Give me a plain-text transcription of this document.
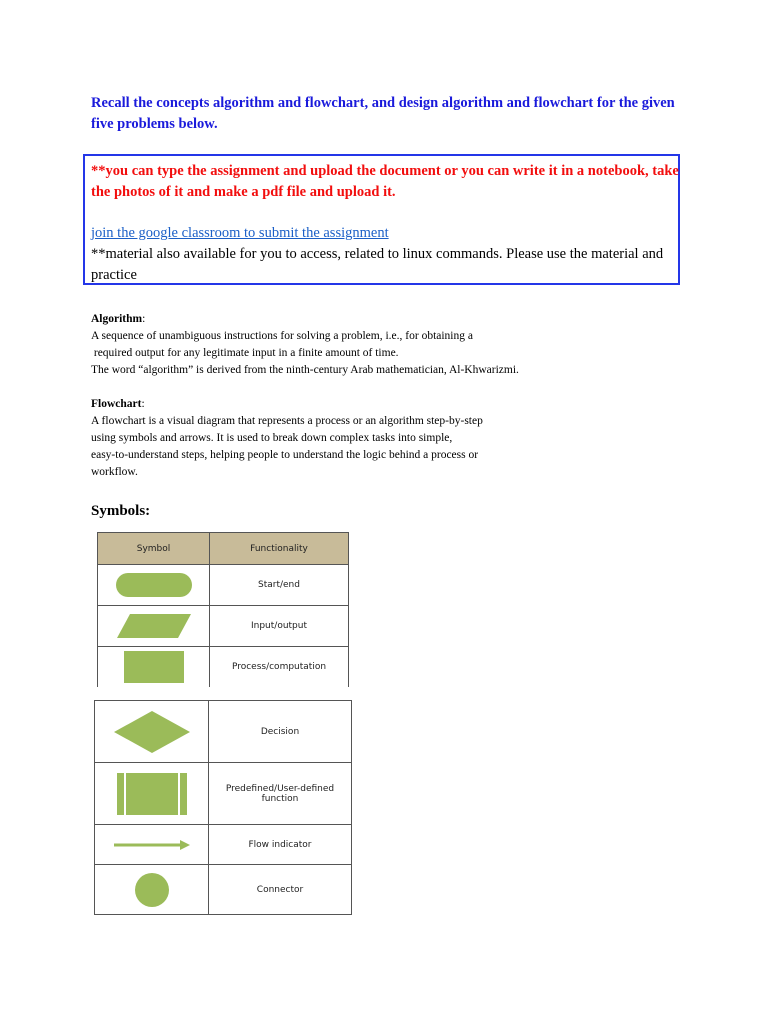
Recall the concepts algorithm and flowchart, and design algorithm and flowchart for the given five problems below.
**you can type the assignment and upload the document or you can write it in a notebook, take the photos of it and make a pdf file and upload it.
join the google classroom to submit the assignment
**material also available for you to access, related to linux commands. Please use the material and practice

Algorithm:

A sequence of unambiguous instructions for solving a problem, i.e., for obtaining a

required output for any legitimate input in a finite amount of time.

The word “algorithm” is derived from the ninth-century Arab mathematician, Al-Khwarizmi.

Flowchart:

A flowchart is a visual diagram that represents a process or an algorithm step-by-step

using symbols and arrows. It is used to break down complex tasks into simple,

easy-to-understand steps, helping people to understand the logic behind a process or

workflow.

Symbols:
Symbol	Functionality

	Start/end

	Input/output

	Process/computation
	Decision

	Predefined/User-defined function

	Flow indicator

	Connector
